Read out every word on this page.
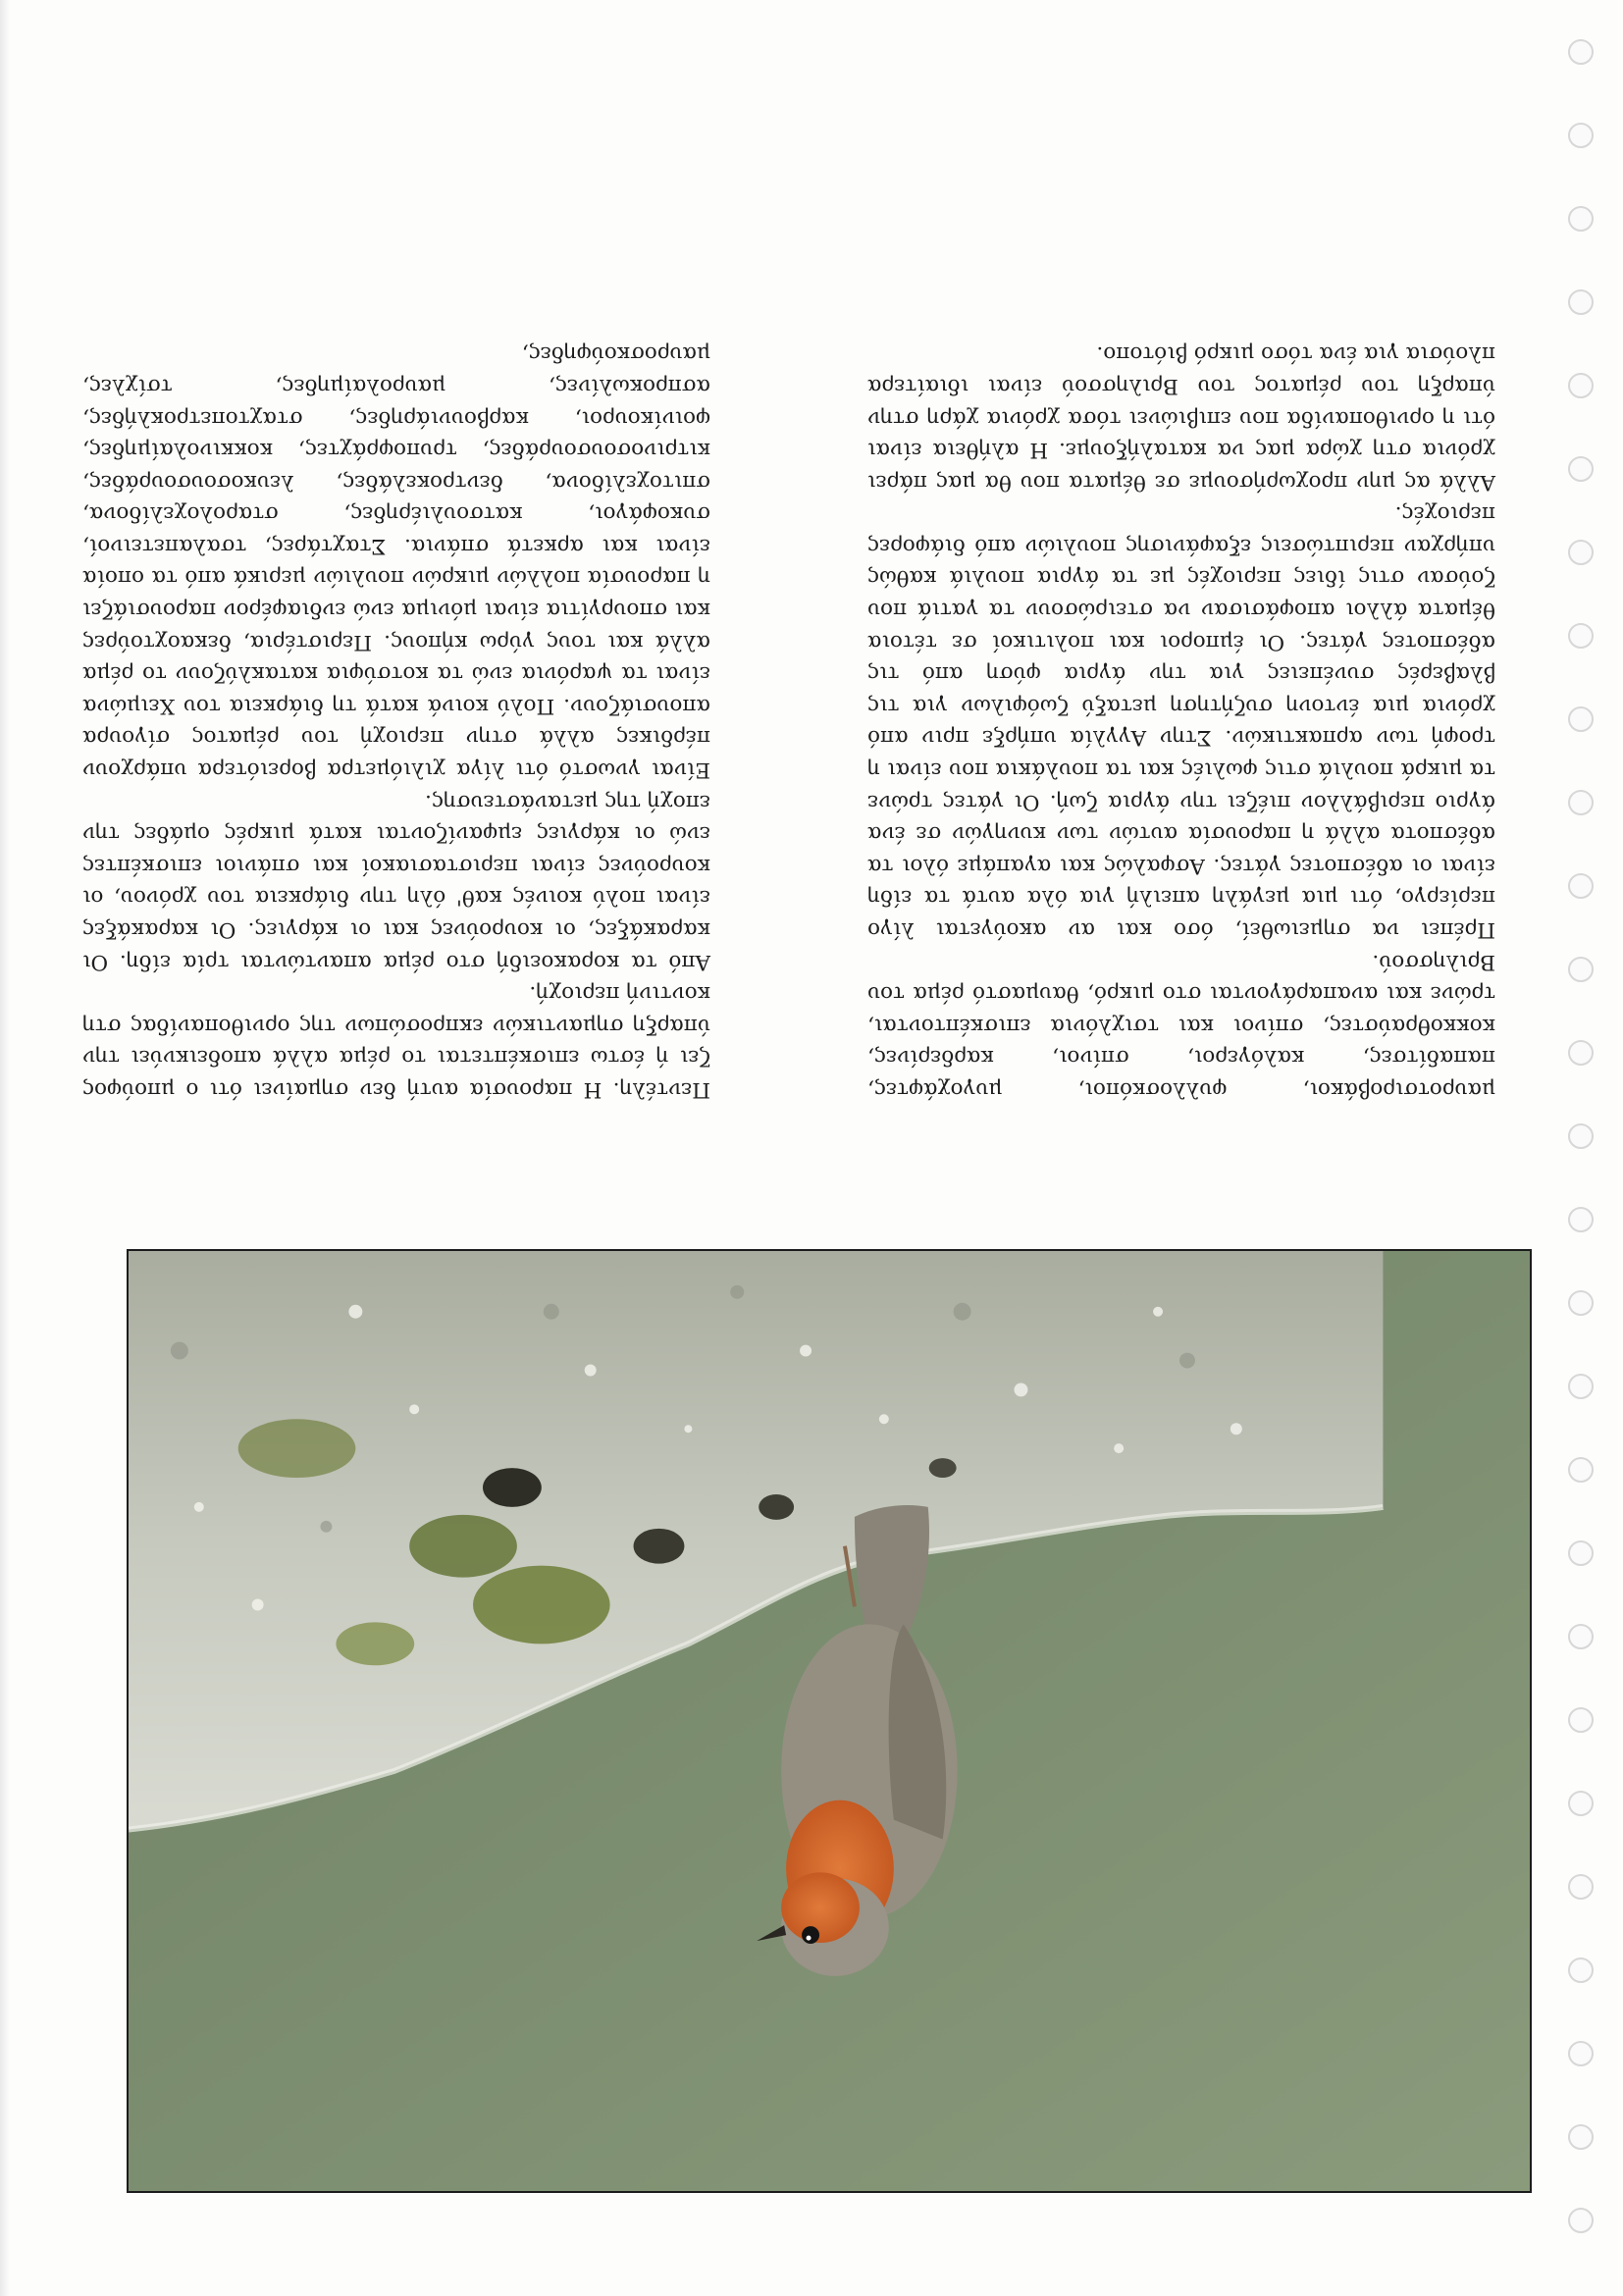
Πεντέλη. Η παρουσία αυτή δεν σημαίνει ότι ο μπούφος ζει ή έστω επισκέπτεται το ρέμα αλλά αποδεικνύει την ύπαρξη σημαντικών εκπροσώπων της ορνιθοπανίδας στη κοντινή περιοχή.

Από τα κορακοειδή στο ρέμα απαντώνται τρία είδη. Οι καρακάξες, οι κουρούνες και οι κάργιες. Οι καρακάξες είναι πολύ κοινές καθ' όλη την διάρκεια του χρόνου, οι κουρούνες είναι περιστασιακοί και σπάνιοι επισκέπτες ενώ οι κάργιες εμφανίζονται κατά μικρές ομάδες την εποχή της μετανάστευσης.

Είναι γνωστό ότι λίγα χιλιόμετρα βορειότερα υπάρχουν πέρδικες αλλά στην περιοχή του ρέματος σίγουρα απουσιάζουν. Πολύ κοινά κατά τη διάρκεια του Χειμώνα είναι τα ψαρόνια ενώ τα κοτσύφια κατακλύζουν το ρέμα αλλά και τους γύρω κήπους. Περιστέρια, δεκαοχτούρες και σπουργίτια είναι μόνιμα ενώ ενδιαφέρον παρουσιάζει η παρουσία πολλών μικρών πουλιών μερικά από τα οποία είναι και αρκετά σπάνια. Σταχτάρες, τσαλαπετεινοί, συκοφάγοι, κατσουλιέρηδες, σταρολοχελίδονα, σπιτοχελίδονα, δεντροκελάδες, λευκοσουσουράδες, κιτρινοσουσουράδες, τρυποφράχτες, κοκκινολαίμηδες, φοινίκουροι, καρβουνιάρηδες, σταχτοπετροκλήδες, ασπροκωλίνες, μαυρολαίμηδες, τσίχλες, μαυροσκούφηδες,

μαυροτσιροβάκοι, φυλλοσκόποι, μυγοχάφτες, παπαδίτσες, καλόγεροι, σπίνοι, καρδερίνες, κοκκοθραύστες, σπίνοι και τσιχλόνια επισκέπτονται, τρώνε και αναπαράγονται στο μικρό, θαυμαστό ρέμα του Βριλησσού.

Πρέπει να σημειωθεί, όσο και αν ακούγεται λίγο περίεργο, ότι μια μεγάλη απειλή για όλα αυτά τα είδη είναι οι αδέσποτες γάτες. Ασφαλώς και αγαπάμε όλοι τα αδέσποτα αλλά η παρουσία αυτών των κυνηγών σε ένα άγριο περιβάλλον πιέζει την άγρια ζωή. Οι γάτες τρώνε τα μικρά πουλιά στις φωλιές και τα πουλάκια που είναι η τροφή των αρπακτικών. Στην Αγγλία υπήρξε πριν από χρόνια μια έντονη συζήτηση μεταξύ ζωόφιλων για τις βλαβερές συνέπειες για την άγρια φύση από τις αδέσποτες γάτες. Οι έμποροι και πολιτικοί σε τέτοια θέματα άλλοι αποφάσισαν να στειρώσουν τα γατιά που ζούσαν στις ίδιες περιοχές με τα άγρια πουλιά καθώς υπήρχαν περιπτώσεις εξαφάνισης πουλιών από διάφορες περιοχές.

Αλλά ας μην προχωρήσουμε σε θέματα που θα μας πάρει χρόνια στη χώρα μας να καταλήξουμε. Η αλήθεια είναι ότι η ορνιθοπανίδα που επιβιώνει τόσα χρόνια χάρη στην ύπαρξη του ρέματος του Βριλησσού είναι ιδιαίτερα πλούσια για ένα τόσο μικρό βιότοπο.
